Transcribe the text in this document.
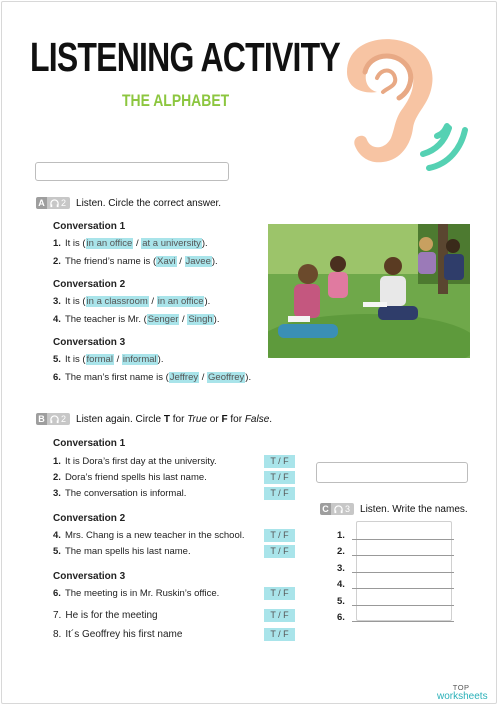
LISTENING ACTIVITY
THE ALPHABET
A 2 Listen. Circle the correct answer.
Conversation 1
1. It is (in an office / at a university).
2. The friend’s name is (Xavi / Javee).
Conversation 2
3. It is (in a classroom / in an office).
4. The teacher is Mr. (Senger / Singh).
Conversation 3
5. It is (formal / informal).
6. The man’s first name is (Jeffrey / Geoffrey).
B 2 Listen again. Circle T for True or F for False.
Conversation 1
1. It is Dora’s first day at the university.	T / F
2. Dora’s friend spells his last name.	T / F
3. The conversation is informal.	T / F
Conversation 2
4. Mrs. Chang is a new teacher in the school.	T / F
5. The man spells his last name.	T / F
Conversation 3
6. The meeting is in Mr. Ruskin’s office.	T / F
7. He is for the meeting	T / F
8. It´s Geoffrey his first name	T / F
C 3 Listen. Write the names.
1.
2.
3.
4.
5.
6.
TOP
worksheets
